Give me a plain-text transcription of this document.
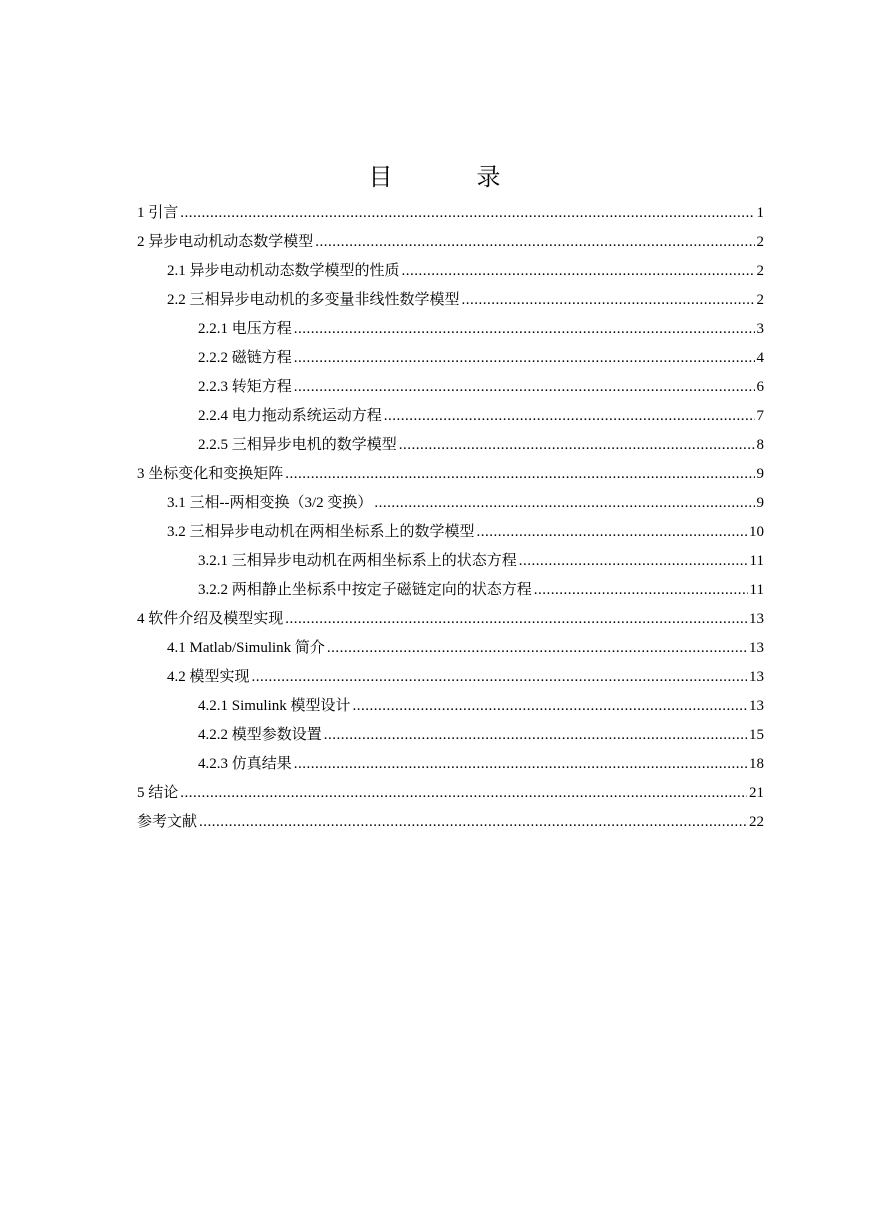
目　录
1 引言 .....	1
2 异步电动机动态数学模型 .....	2
2.1 异步电动机动态数学模型的性质 .....	2
2.2 三相异步电动机的多变量非线性数学模型 .....	2
2.2.1 电压方程 .....	3
2.2.2 磁链方程 .....	4
2.2.3 转矩方程 .....	6
2.2.4 电力拖动系统运动方程 .....	7
2.2.5 三相异步电机的数学模型 .....	8
3 坐标变化和变换矩阵 .....	9
3.1 三相--两相变换（3/2 变换） .....	9
3.2 三相异步电动机在两相坐标系上的数学模型 .....	10
3.2.1 三相异步电动机在两相坐标系上的状态方程 .....	11
3.2.2 两相静止坐标系中按定子磁链定向的状态方程 .....	11
4 软件介绍及模型实现 .....	13
4.1 Matlab/Simulink 简介 .....	13
4.2 模型实现 .....	13
4.2.1 Simulink 模型设计 .....	13
4.2.2 模型参数设置 .....	15
4.2.3 仿真结果 .....	18
5 结论 .....	21
参考文献 .....	22
